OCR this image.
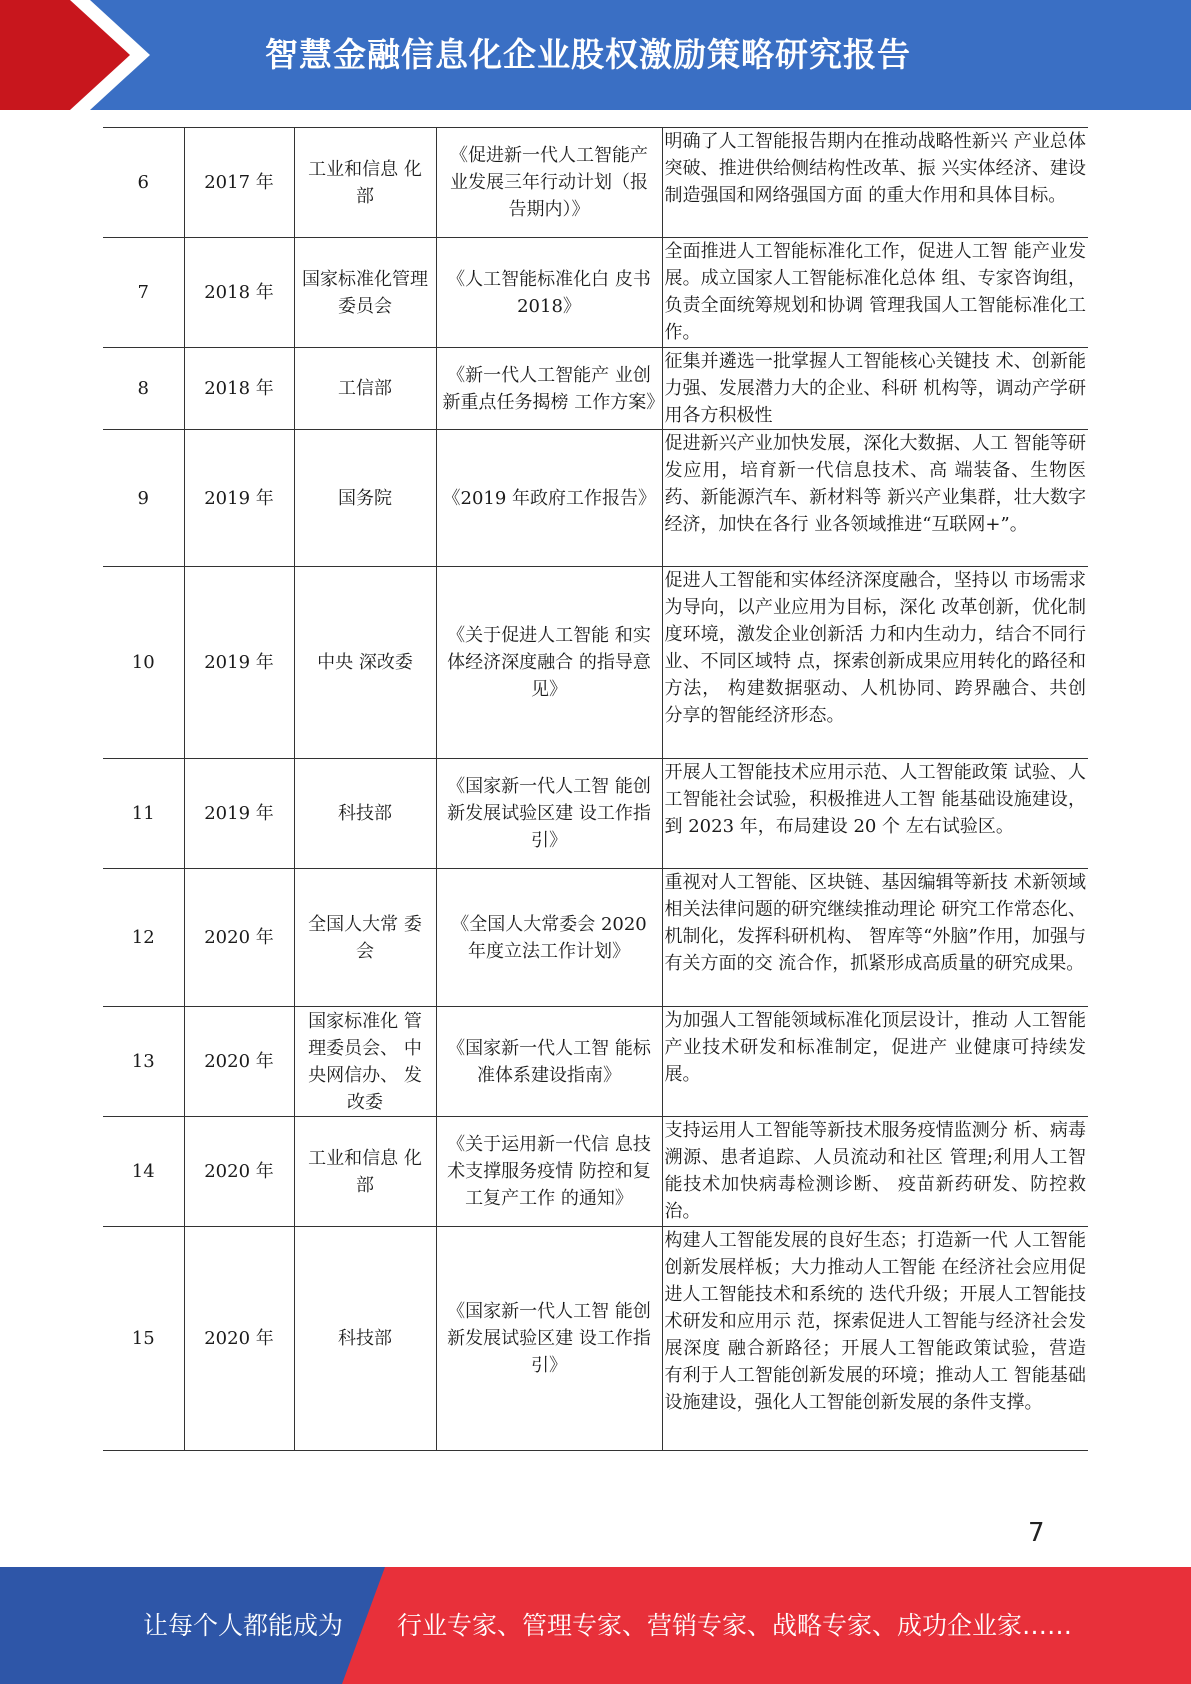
智慧金融信息化企业股权激励策略研究报告
6	2017 年	工业和信息 化部	《促进新一代人工智能产业发展三年行动计划（报告期内）》	明确了人工智能报告期内在推动战略性新兴 产业总体突破、推进供给侧结构性改革、振 兴实体经济、建设制造强国和网络强国方面 的重大作用和具体目标。
7	2018 年	国家标准化管理委员会	《人工智能标准化白 皮书 2018》	全面推进人工智能标准化工作，促进人工智 能产业发展。成立国家人工智能标准化总体 组、专家咨询组，负责全面统筹规划和协调 管理我国人工智能标准化工作。
8	2018 年	工信部	《新一代人工智能产 业创新重点任务揭榜 工作方案》	征集并遴选一批掌握人工智能核心关键技 术、创新能力强、发展潜力大的企业、科研 机构等，调动产学研用各方积极性
9	2019 年	国务院	《2019 年政府工作报告》	促进新兴产业加快发展，深化大数据、人工 智能等研发应用，培育新一代信息技术、高 端装备、生物医药、新能源汽车、新材料等 新兴产业集群，壮大数字经济，加快在各行 业各领域推进“互联网+”。
10	2019 年	中央 深改委	《关于促进人工智能 和实体经济深度融合 的指导意见》	促进人工智能和实体经济深度融合，坚持以 市场需求为导向，以产业应用为目标，深化 改革创新，优化制度环境，激发企业创新活 力和内生动力，结合不同行业、不同区域特 点，探索创新成果应用转化的路径和方法， 构建数据驱动、人机协同、跨界融合、共创 分享的智能经济形态。
11	2019 年	科技部	《国家新一代人工智 能创新发展试验区建 设工作指引》	开展人工智能技术应用示范、人工智能政策 试验、人工智能社会试验，积极推进人工智 能基础设施建设，到 2023 年，布局建设 20 个 左右试验区。
12	2020 年	全国人大常 委会	《全国人大常委会 2020 年度立法工作计划》	重视对人工智能、区块链、基因编辑等新技 术新领域相关法律问题的研究继续推动理论 研究工作常态化、机制化，发挥科研机构、 智库等“外脑”作用，加强与有关方面的交 流合作，抓紧形成高质量的研究成果。
13	2020 年	国家标准化 管理委员会、 中央网信办、 发改委	《国家新一代人工智 能标准体系建设指南》	为加强人工智能领域标准化顶层设计，推动 人工智能产业技术研发和标准制定，促进产 业健康可持续发展。
14	2020 年	工业和信息 化部	《关于运用新一代信 息技术支撑服务疫情 防控和复工复产工作 的通知》	支持运用人工智能等新技术服务疫情监测分 析、病毒溯源、患者追踪、人员流动和社区 管理;利用人工智能技术加快病毒检测诊断、 疫苗新药研发、防控救治。
15	2020 年	科技部	《国家新一代人工智 能创新发展试验区建 设工作指引》	构建人工智能发展的良好生态；打造新一代 人工智能创新发展样板；大力推动人工智能 在经济社会应用促进人工智能技术和系统的 迭代升级；开展人工智能技术研发和应用示 范，探索促进人工智能与经济社会发展深度 融合新路径；开展人工智能政策试验，营造 有利于人工智能创新发展的环境；推动人工 智能基础设施建设，强化人工智能创新发展的条件支撑。
7
让每个人都能成为 行业专家、管理专家、营销专家、战略专家、成功企业家……
